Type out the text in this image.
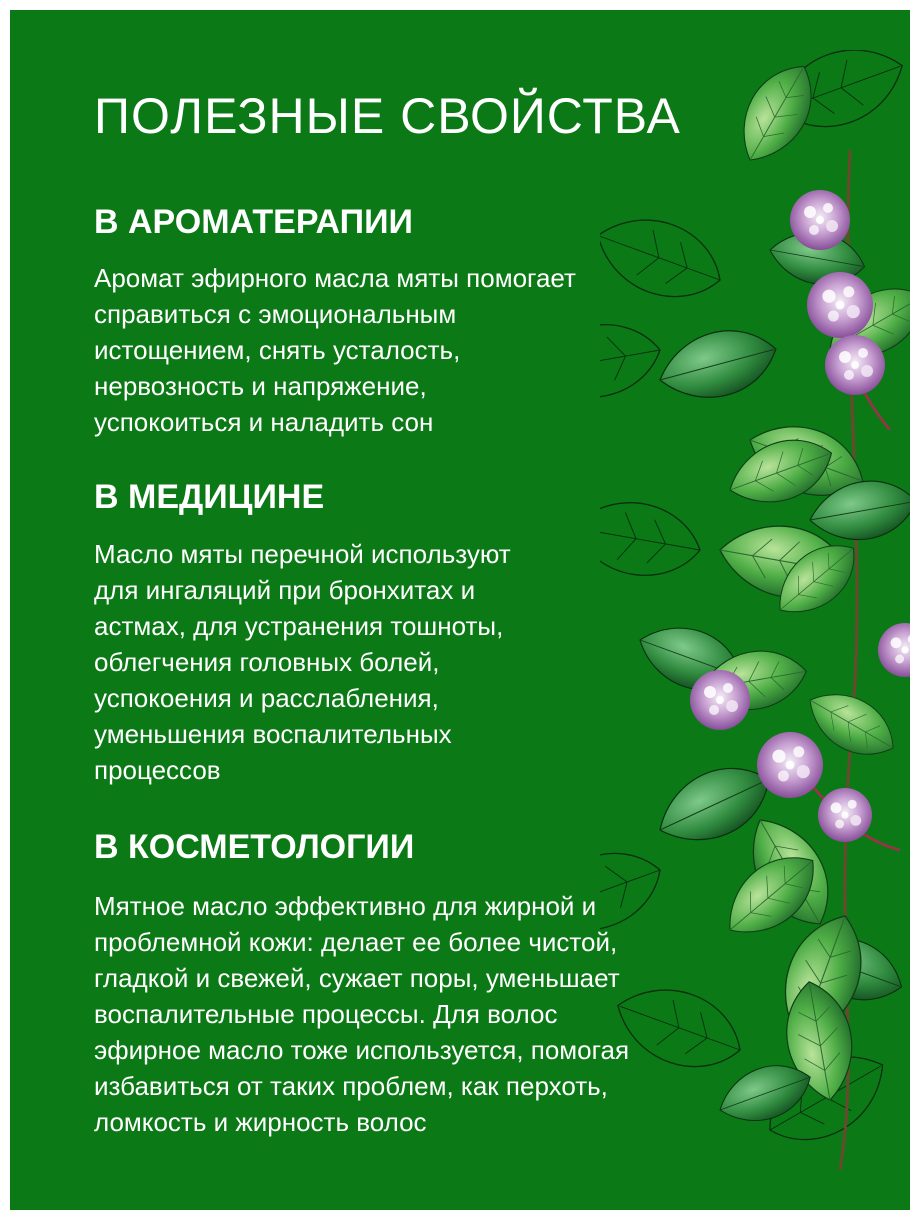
ПОЛЕЗНЫЕ СВОЙСТВА
В АРОМАТЕРАПИИ
Аромат эфирного масла мяты помогает
справиться с эмоциональным
истощением, снять усталость,
нервозность и напряжение,
успокоиться и наладить сон
В МЕДИЦИНЕ
Масло мяты перечной используют
для ингаляций при бронхитах и
астмах, для устранения тошноты,
облегчения головных болей,
успокоения и расслабления,
уменьшения воспалительных
процессов
В КОСМЕТОЛОГИИ
Мятное масло эффективно для жирной и
проблемной кожи: делает ее более чистой,
гладкой и свежей, сужает поры, уменьшает
воспалительные процессы. Для волос
эфирное масло тоже используется, помогая
избавиться от таких проблем, как перхоть,
ломкость и жирность волос
